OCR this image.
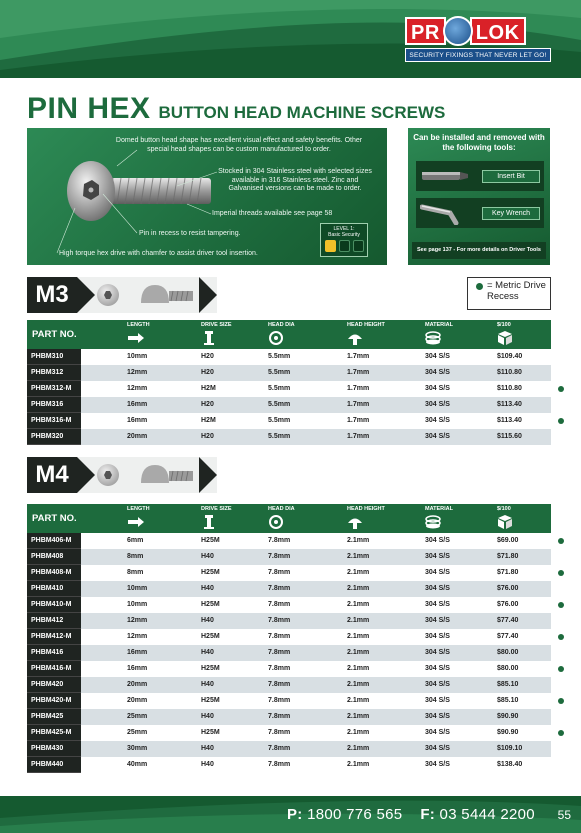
PR	LOK
SECURITY FIXINGS THAT NEVER LET GO!
PIN HEX BUTTON HEAD MACHINE SCREWS
Domed button head shape has excellent visual effect and safety benefits. Other special head shapes can be custom manufactured to order.
Stocked in 304 Stainless steel with selected sizes available in 316 Stainless steel. Zinc and Galvanised versions can be made to order.
Imperial threads available see page 58
Pin in recess to resist tampering.
High torque hex drive with chamfer to assist driver tool insertion.
LEVEL 1:
Basic Security
Can be installed and removed with the following tools:
Insert Bit
Key Wrench
See page 137 - For more details on Driver Tools
M3	= Metric Drive Recess
PART NO.
LENGTH	DRIVE SIZE	HEAD DIA	HEAD HEIGHT	MATERIAL	$/100
PHBM310	10mm	H20	5.5mm	1.7mm	304 S/S	$109.40
PHBM312	12mm	H20	5.5mm	1.7mm	304 S/S	$110.80
PHBM312-M	12mm	H2M	5.5mm	1.7mm	304 S/S	$110.80
PHBM316	16mm	H20	5.5mm	1.7mm	304 S/S	$113.40
PHBM316-M	16mm	H2M	5.5mm	1.7mm	304 S/S	$113.40
PHBM320	20mm	H20	5.5mm	1.7mm	304 S/S	$115.60
M4
PART NO.
LENGTH	DRIVE SIZE	HEAD DIA	HEAD HEIGHT	MATERIAL	$/100
PHBM406-M	6mm	H25M	7.8mm	2.1mm	304 S/S	$69.00
PHBM408	8mm	H40	7.8mm	2.1mm	304 S/S	$71.80
PHBM408-M	8mm	H25M	7.8mm	2.1mm	304 S/S	$71.80
PHBM410	10mm	H40	7.8mm	2.1mm	304 S/S	$76.00
PHBM410-M	10mm	H25M	7.8mm	2.1mm	304 S/S	$76.00
PHBM412	12mm	H40	7.8mm	2.1mm	304 S/S	$77.40
PHBM412-M	12mm	H25M	7.8mm	2.1mm	304 S/S	$77.40
PHBM416	16mm	H40	7.8mm	2.1mm	304 S/S	$80.00
PHBM416-M	16mm	H25M	7.8mm	2.1mm	304 S/S	$80.00
PHBM420	20mm	H40	7.8mm	2.1mm	304 S/S	$85.10
PHBM420-M	20mm	H25M	7.8mm	2.1mm	304 S/S	$85.10
PHBM425	25mm	H40	7.8mm	2.1mm	304 S/S	$90.90
PHBM425-M	25mm	H25M	7.8mm	2.1mm	304 S/S	$90.90
PHBM430	30mm	H40	7.8mm	2.1mm	304 S/S	$109.10
PHBM440	40mm	H40	7.8mm	2.1mm	304 S/S	$138.40
P: 1800 776 565 F: 03 5444 2200 55
